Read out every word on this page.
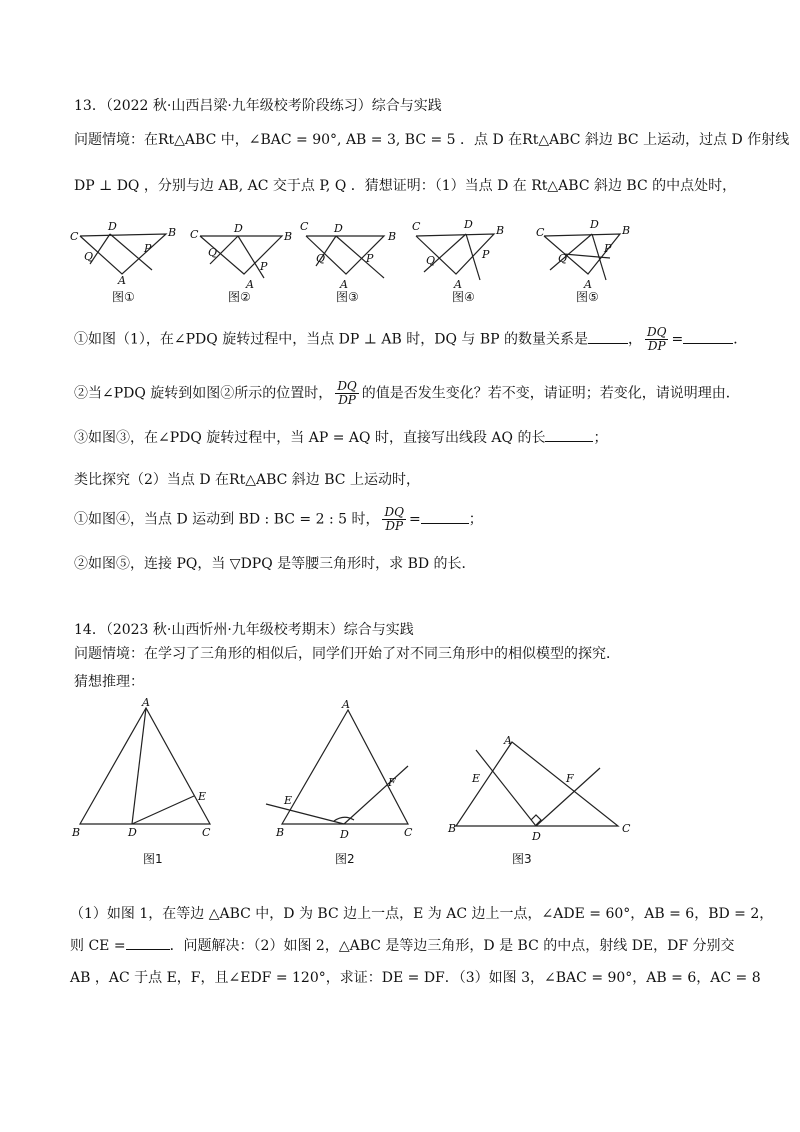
13．（2022 秋·山西吕梁·九年级校考阶段练习）综合与实践
问题情境：在Rt△ABC 中，∠BAC = 90°, AB = 3, BC = 5 ．点 D 在Rt△ABC 斜边 BC 上运动，过点 D 作射线
DP ⊥ DQ ，分别与边 AB, AC 交于点 P, Q ．猜想证明：（1）当点 D 在 Rt△ABC 斜边 BC 的中点处时，
C
D	B
Q
P
A
图①
C	D
B
Q
P
A
图②
C D
B
Q	P
A
图③
C	D B
Q	P
A
图④
C
D B
Q
P
A
图⑤
①如图（1），在∠PDQ 旋转过程中，当点 DP ⊥ AB 时，DQ 与 BP 的数量关系是	， $\frac{DQ}{DP}$ =	．
②当∠PDQ 旋转到如图②所示的位置时， $\frac{DQ}{DP}$ 的值是否发生变化？若不变，请证明；若变化，请说明理由．
③如图③，在∠PDQ 旋转过程中，当 AP = AQ 时，直接写出线段 AQ 的长	；
类比探究（2）当点 D 在Rt△ABC 斜边 BC 上运动时，
①如图④，当点 D 运动到 BD : BC = 2 : 5 时， $\frac{DQ}{DP}$ =	；
②如图⑤，连接 PQ，当 ▽DPQ 是等腰三角形时，求 BD 的长．
14．（2023 秋·山西忻州·九年级校考期末）综合与实践
问题情境：在学习了三角形的相似后，同学们开始了对不同三角形中的相似模型的探究．
猜想推理：
A
B	D	C
E
图1
A
B	D	C
E
F
图2
A
B
D
C
E	F
图3
（1）如图 1，在等边 △ABC 中，D 为 BC 边上一点，E 为 AC 边上一点，∠ADE = 60°，AB = 6，BD = 2，
则 CE =	．问题解决：（2）如图 2，△ABC 是等边三角形，D 是 BC 的中点，射线 DE，DF 分别交
AB ，AC 于点 E，F，且∠EDF = 120°，求证：DE = DF．（3）如图 3，∠BAC = 90°，AB = 6，AC = 8
